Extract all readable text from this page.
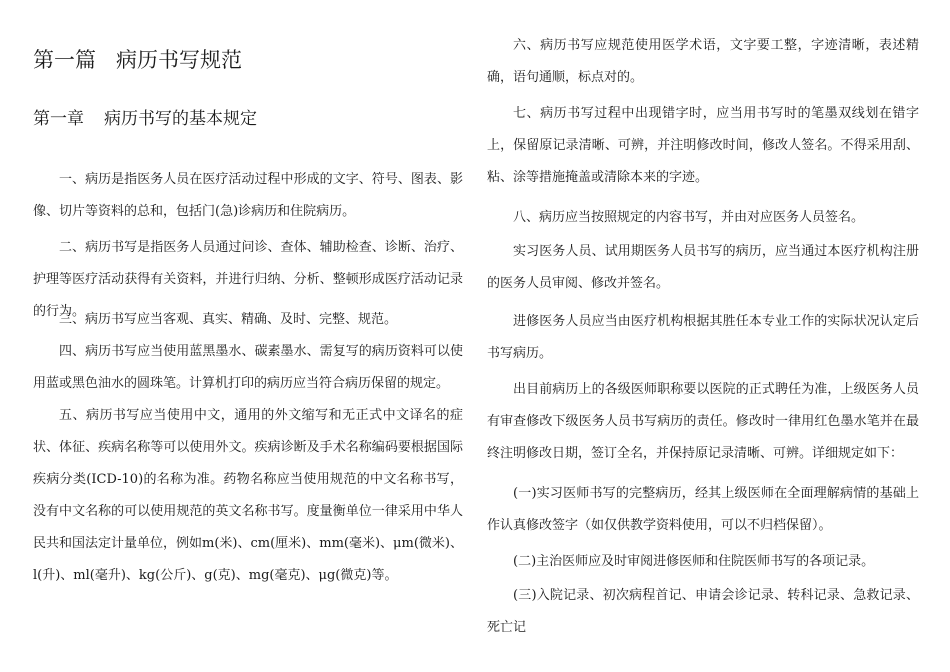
第一篇 病历书写规范
第一章 病历书写的基本规定

一、病历是指医务人员在医疗活动过程中形成的文字、符号、图表、影像、切片等资料的总和，包括门(急)诊病历和住院病历。

二、病历书写是指医务人员通过问诊、查体、辅助检查、诊断、治疗、护理等医疗活动获得有关资料，并进行归纳、分析、整顿形成医疗活动记录的行为。

三、病历书写应当客观、真实、精确、及时、完整、规范。

四、病历书写应当使用蓝黑墨水、碳素墨水、需复写的病历资料可以使用蓝或黑色油水的圆珠笔。计算机打印的病历应当符合病历保留的规定。

五、病历书写应当使用中文，通用的外文缩写和无正式中文译名的症状、体征、疾病名称等可以使用外文。疾病诊断及手术名称编码要根据国际疾病分类(ICD-10)的名称为准。药物名称应当使用规范的中文名称书写，没有中文名称的可以使用规范的英文名称书写。度量衡单位一律采用中华人民共和国法定计量单位，例如m(米)、cm(厘米)、mm(毫米)、μm(微米)、l(升)、ml(毫升)、kg(公斤)、g(克)、mg(毫克)、μg(微克)等。

六、病历书写应规范使用医学术语，文字要工整，字迹清晰，表述精确，语句通顺，标点对的。

七、病历书写过程中出现错字时，应当用书写时的笔墨双线划在错字上，保留原记录清晰、可辨，并注明修改时间，修改人签名。不得采用刮、粘、涂等措施掩盖或清除本来的字迹。

八、病历应当按照规定的内容书写，并由对应医务人员签名。

实习医务人员、试用期医务人员书写的病历，应当通过本医疗机构注册的医务人员审阅、修改并签名。

进修医务人员应当由医疗机构根据其胜任本专业工作的实际状况认定后书写病历。

出目前病历上的各级医师职称要以医院的正式聘任为准，上级医务人员有审查修改下级医务人员书写病历的责任。修改时一律用红色墨水笔并在最终注明修改日期，签订全名，并保持原记录清晰、可辨。详细规定如下：

(一)实习医师书写的完整病历，经其上级医师在全面理解病情的基础上作认真修改签字（如仅供教学资料使用，可以不归档保留）。

(二)主治医师应及时审阅进修医师和住院医师书写的各项记录。

(三)入院记录、初次病程首记、申请会诊记录、转科记录、急救记录、死亡记
